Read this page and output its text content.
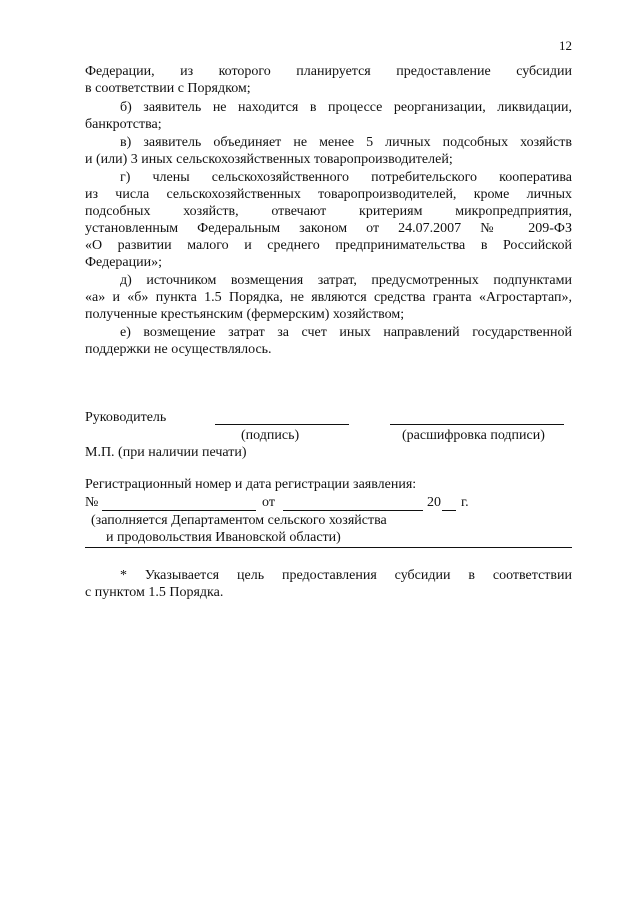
12
Федерации, из которого планируется предоставление субсидии
в соответствии с Порядком;
б) заявитель не находится в процессе реорганизации, ликвидации,
банкротства;
в) заявитель объединяет не менее 5 личных подсобных хозяйств
и (или) 3 иных сельскохозяйственных товаропроизводителей;
г) члены сельскохозяйственного потребительского кооператива
из числа сельскохозяйственных товаропроизводителей, кроме личных
подсобных хозяйств, отвечают критериям микропредприятия,
установленным Федеральным законом от 24.07.2007 № 209-ФЗ
«О развитии малого и среднего предпринимательства в Российской
Федерации»;
д) источником возмещения затрат, предусмотренных подпунктами
«а» и «б» пункта 1.5 Порядка, не являются средства гранта «Агростартап»,
полученные крестьянским (фермерским) хозяйством;
е) возмещение затрат за счет иных направлений государственной
поддержки не осуществлялось.
Руководитель
(подпись)	(расшифровка подписи)
М.П. (при наличии печати)
Регистрационный номер и дата регистрации заявления:
№	от	20 г.
(заполняется Департаментом сельского хозяйства
и продовольствия Ивановской области)
* Указывается цель предоставления субсидии в соответствии
с пунктом 1.5 Порядка.
